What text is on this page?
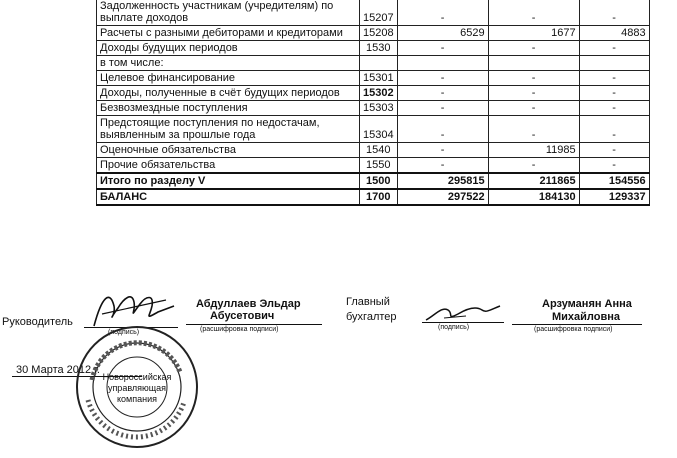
Задолженность участникам (учредителям) по выплате доходов	15207	-	-	-
Расчеты с разными дебиторами и кредиторами	15208	6529	1677	4883
Доходы будущих периодов	1530	-	-	-
в том числе:				
Целевое финансирование	15301	-	-	-
Доходы, полученные в счёт будущих периодов	15302	-	-	-
Безвозмездные поступления	15303	-	-	-
Предстоящие поступления по недостачам, выявленным за прошлые года	15304	-	-	-
Оценочные обязательства	1540	-	11985	-
Прочие обязательства	1550	-	-	-
Итого по разделу V	1500	295815	211865	154556
БАЛАНС	1700	297522	184130	129337
Руководитель
(подпись)
Абдуллаев Эльдар
Абусетович
(расшифровка подписи)
Главный
бухгалтер
(подпись)
Арзуманян Анна
Михайловна
(расшифровка подписи)
30 Марта 2012 г.
Новороссийская
управляющая
компания
